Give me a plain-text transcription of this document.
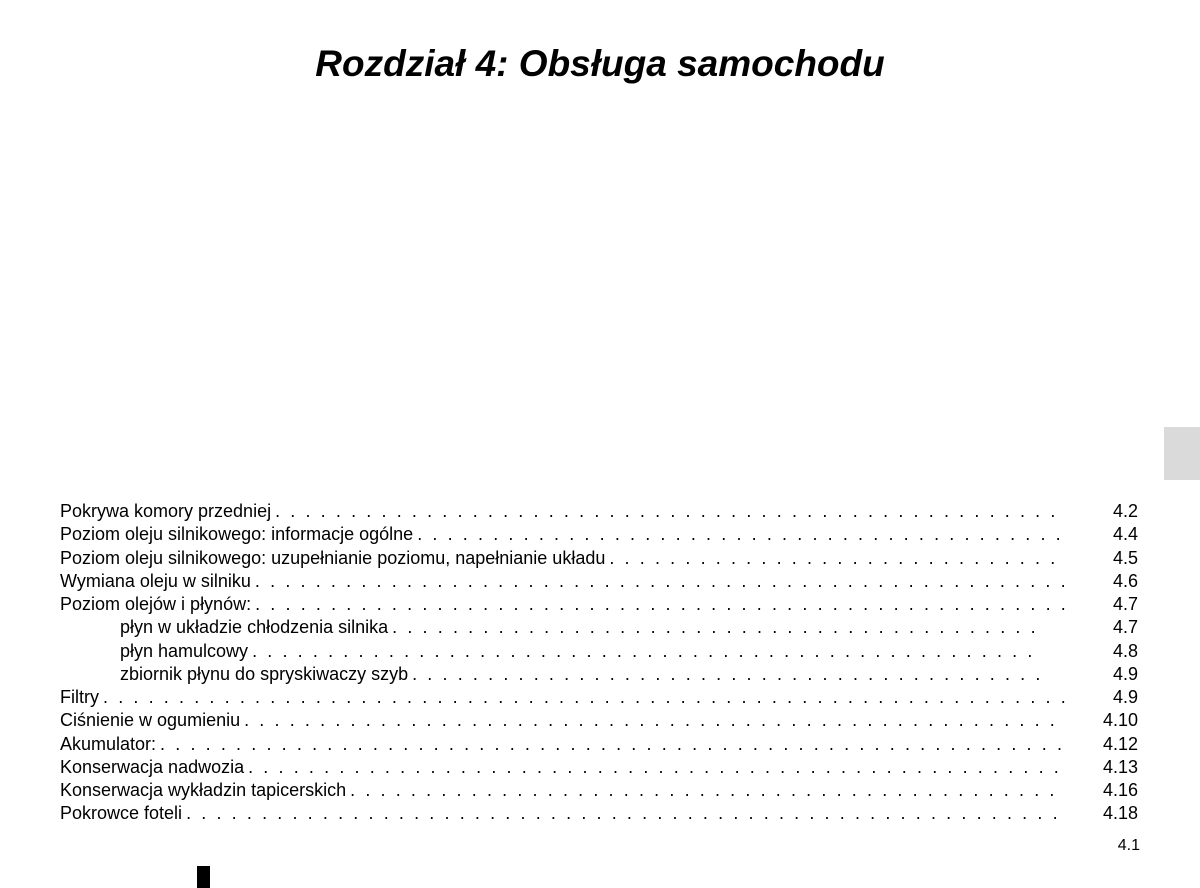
Rozdział 4: Obsługa samochodu
Pokrywa komory przedniej . . .	4.2
Poziom oleju silnikowego: informacje ogólne . . .	4.4
Poziom oleju silnikowego: uzupełnianie poziomu, napełnianie układu . . .	4.5
Wymiana oleju w silniku . . .	4.6
Poziom olejów i płynów: . . .	4.7
płyn w układzie chłodzenia silnika . . .	4.7
płyn hamulcowy . . .	4.8
zbiornik płynu do spryskiwaczy szyb . . .	4.9
Filtry . . .	4.9
Ciśnienie w ogumieniu . . .	4.10
Akumulator: . . .	4.12
Konserwacja nadwozia . . .	4.13
Konserwacja wykładzin tapicerskich . . .	4.16
Pokrowce foteli . . .	4.18
4.1
